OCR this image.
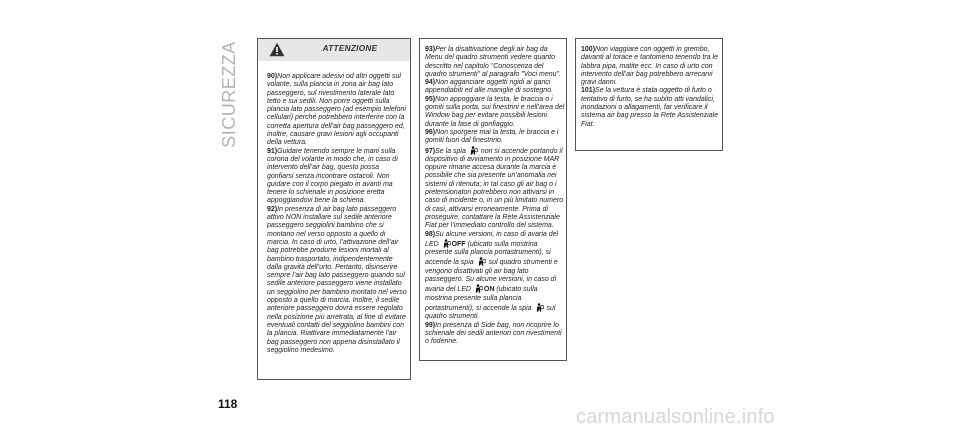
SICUREZZA	ATTENZIONE

90 ) Non applicare adesivi od altri oggetti sul volante, sulla plancia in zona air bag lato passeggero, sul rivestimento laterale lato tetto e sui sedili. Non porre oggetti sulla plancia lato passeggero (ad esempio telefoni cellulari) perché potrebbero interferire con la corretta apertura dell’air bag passeggero ed, inoltre, causare gravi lesioni agli occupanti della vettura.

91 ) Guidare tenendo sempre le mani sulla corona del volante in modo che, in caso di intervento dell’air bag, questo possa gonfiarsi senza incontrare ostacoli. Non guidare con il corpo piegato in avanti ma tenere lo schienale in posizione eretta appoggiandovi bene la schiena.

92 ) In presenza di air bag lato passeggero attivo NON installare sul sedile anteriore passeggero seggiolini bambino che si montano nel verso opposto a quello di marcia. In caso di urto, l’attivazione dell’air bag potrebbe produrre lesioni mortali al bambino trasportato, indipendentemente dalla gravità dell’urto. Pertanto, disinserire sempre l’air bag lato passeggero quando sul sedile anteriore passeggero viene installato un seggiolino per bambino montato nel verso opposto a quello di marcia. Inoltre, il sedile anteriore passeggero dovrà essere regolato nella posizione più arretrata, al fine di evitare eventuali contatti del seggiolino bambini con la plancia. Riattivare immediatamente l’air bag passeggero non appena disinstallato il seggiolino medesimo.

93 ) Per la disattivazione degli air bag da Menu del quadro strumenti vedere quanto descritto nel capitolo "Conoscenza del quadro strumenti" al paragrafo "Voci menu".

94 ) Non agganciare oggetti rigidi ai ganci appendiabiti ed alle maniglie di sostegno.

95 ) Non appoggiare la testa, le braccia o i gomiti sulla porta, sui finestrini e nell’area del Window bag per evitare possibili lesioni durante la fase di gonfiaggio.

96 ) Non sporgere mai la testa, le braccia e i gomiti fuori dal finestrino.

97 ) Se la spia non si accende portando il dispositivo di avviamento in posizione MAR oppure rimane accesa durante la marcia è possibile che sia presente un’anomalia nei sistemi di ritenuta; in tal caso gli air bag o i pretensionatori potrebbero non attivarsi in caso di incidente o, in un più limitato numero di casi, attivarsi erroneamente. Prima di proseguire, contattare la Rete Assistenziale Fiat per l’immediato controllo del sistema.

98 ) Su alcune versioni, in caso di avaria del LED OFF (ubicato sulla mostrina presente sulla plancia portastrumenti), si accende la spia sul quadro strumenti e vengono disattivati gli air bag lato passeggero. Su alcune versioni, in caso di avaria del LED ON (ubicato sulla mostrina presente sulla plancia portastrumenti), si accende la spia sul quadro strumenti.

99 ) In presenza di Side bag, non ricoprire lo schienale dei sedili anteriori con rivestimenti o foderine.

100 ) Non viaggiare con oggetti in grembo, davanti al torace e tantomeno tenendo tra le labbra pipa, matite ecc. In caso di urto con intervento dell’air bag potrebbero arrecarvi gravi danni.

101 ) Se la vettura è stata oggetto di furto o tentativo di furto, se ha subito atti vandalici, inondazioni o allagamenti, far verificare il sistema air bag presso la Rete Assistenziale Fiat.

118
carmanualsonline.info
